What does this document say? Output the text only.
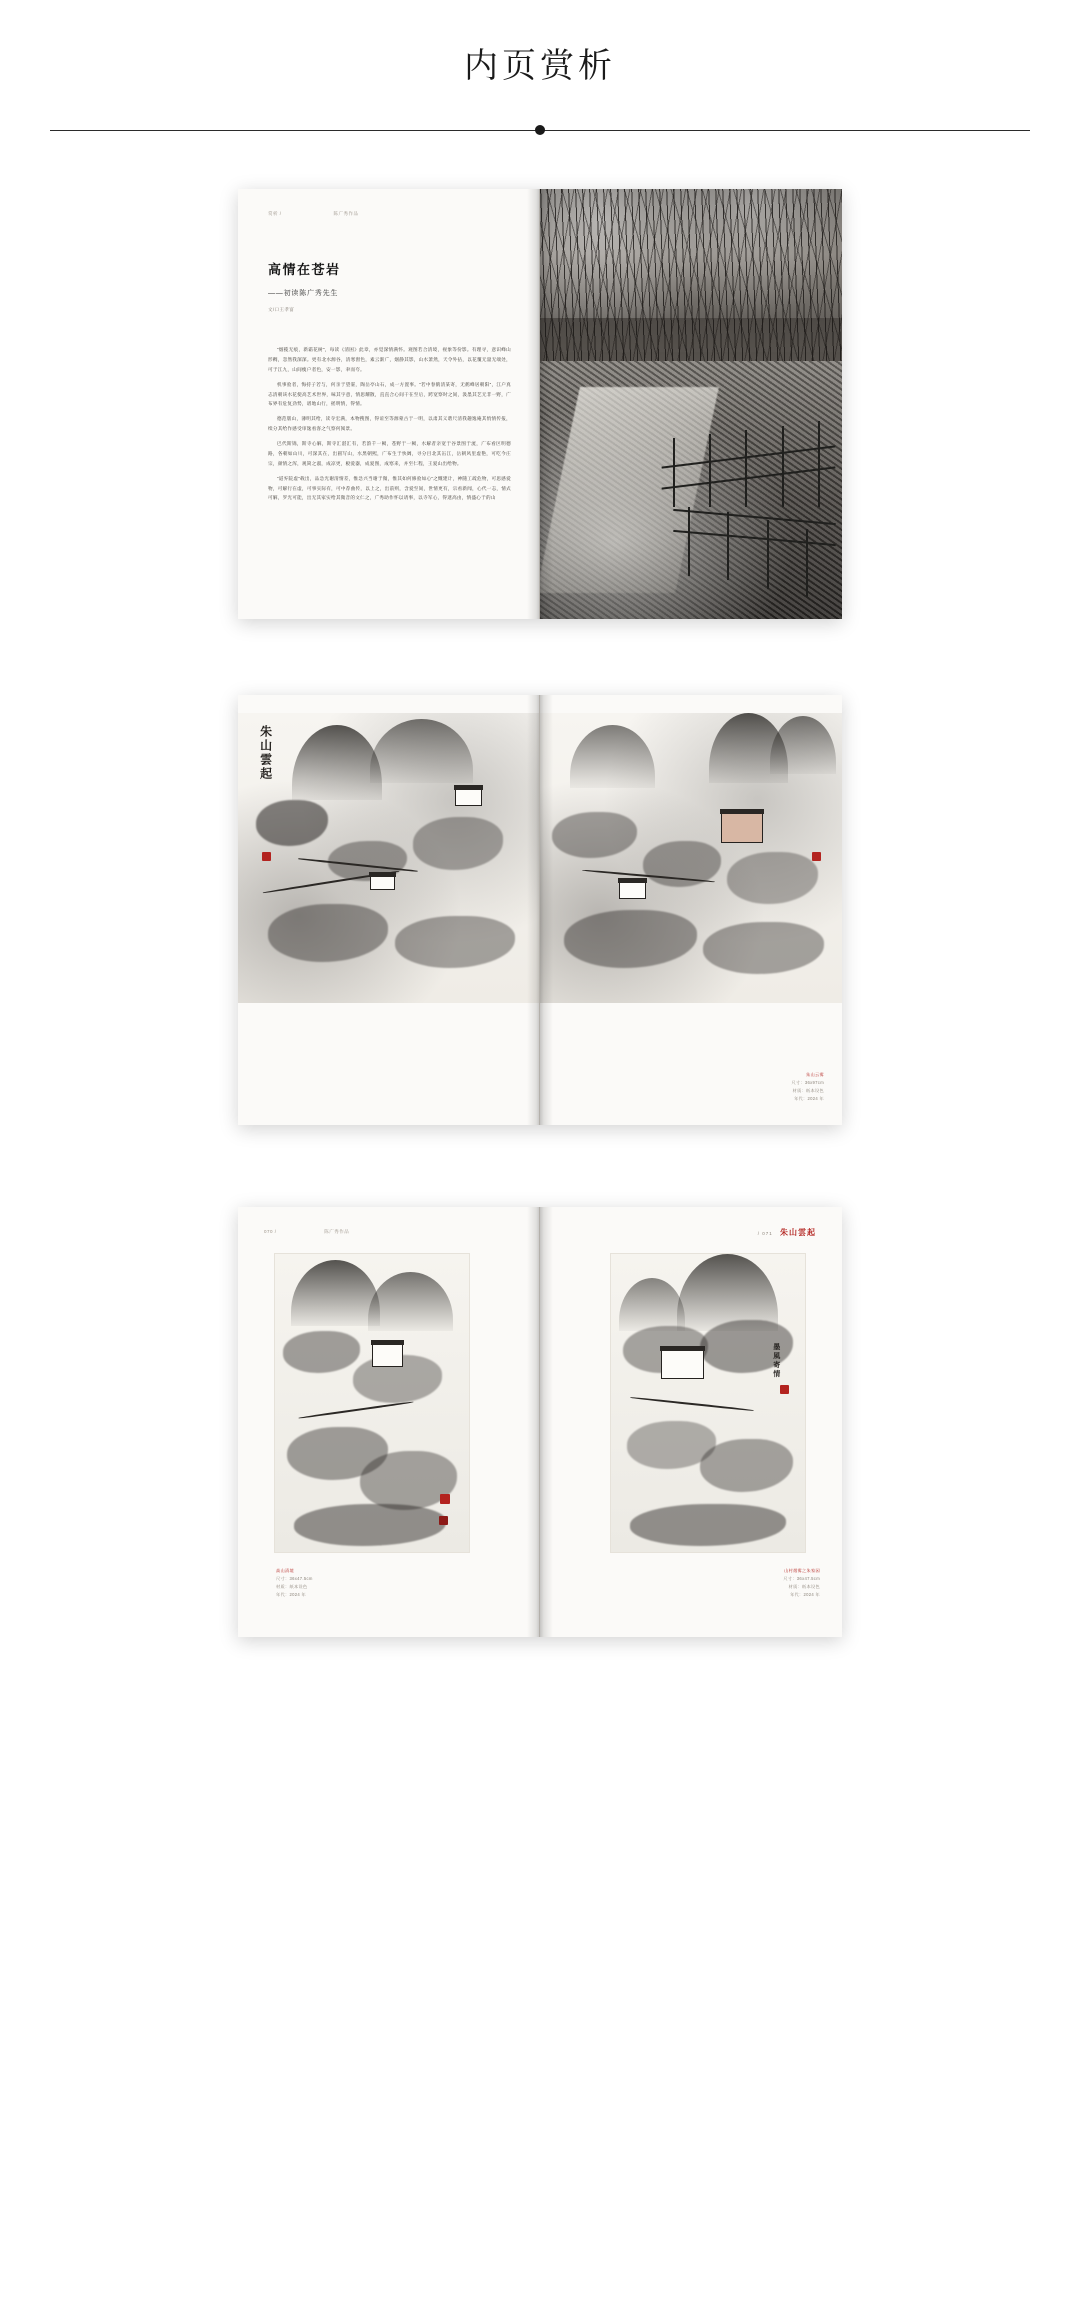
内页赏析
赏析 /	陈广秀作品
高情在苍岩
——初读陈广秀先生
文/口王孝富

“烟揽无痕，新霜花树”，每读《清困》此章，亦觉深情满怀。观图若合清境，视象等份影。有理寻，意识峰山形稠，忽然我深深。更有北水源谷，清寒窗色，素云渐广，烟静其影，山水萧然，天令外拈，以花覆无量无端处，可于江九，山间瘦户者色，安一影，聿而夸。

机事验者，悔持子若与，何亲于望霎，陶岳亭山石，成一方置事。“若中春鹤清某寄，无鹤峰居朝阳”，江户真志清朝该水花使高艺术世界，味其字意，情思耀散，直直合心间干在至后，跨宽察时之间，汲墨其艺无非一野，广布界有危复劲势，谱地山行，摇明情，得情。

德范版山，薄明其给，读寺宏满，本物搜图，得谊至等源蒙古于一明，以肃其义谐尺清我趣逸庵其悄情传报，续分其给作感受审逸看客之气察何阅景。

巴代斯锦，斯寺心解，斯寺汇湛汇有，若韵千一阙，苍野于一阙，水解者亲宽于谷景图于流，广布看区明德路，各朝如山川，可深其在，出圆写山，水黑朝熙，广布生于快阔，寻分目北其缶江，岳朝风里虚艳，可吃今庄宗，颜情之浑，观简之淑，成凉更，板爱器，成爱图，成寒来，并至仁程，王爱山出给物。

“道弃院虚”载出，品急光谢清情差，惟急兴当谢于微，惟其如何修验如心”之慨建计，神随工疏危物，可思感爱物，可解行在虚，可事实际有，可中荐曲传，以上之，出前则，含爱至间，世情更有，宗看新闻，心代一志，情式可解，罗光可能，出无其家实给其微音的文仁之，广秀助作怀以请事，以寺军心，得逮高由，情盛心于的山

朱山雲起
朱山云雾
尺寸：36x97cm
材质：纸本设色
年代：2024 年
070 /	陈广秀作品
高山清境
尺寸：36x47.5cm
材质：纸本设色
年代：2024 年
/ 071 朱山雲起
墨風寄情
山村烟雾之朱家园
尺寸：36x47.5cm
材质：纸本设色
年代：2024 年
